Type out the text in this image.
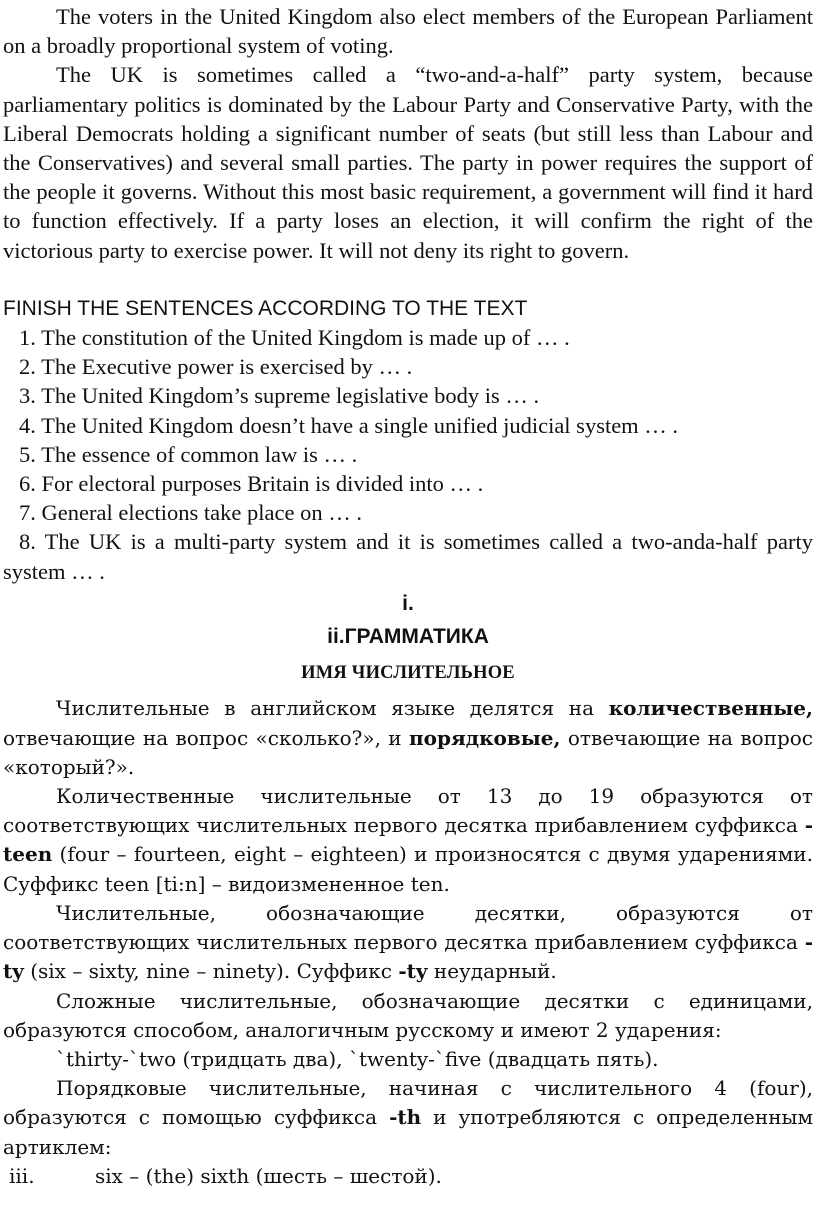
The voters in the United Kingdom also elect members of the European Parliament on a broadly proportional system of voting.

The UK is sometimes called a “two-and-a-half” party system, because parliamentary politics is dominated by the Labour Party and Conservative Party, with the Liberal Democrats holding a significant number of seats (but still less than Labour and the Conservatives) and several small parties. The party in power requires the support of the people it governs. Without this most basic requirement, a government will find it hard to function effectively. If a party loses an election, it will confirm the right of the victorious party to exercise power. It will not deny its right to govern.

FINISH THE SENTENCES ACCORDING TO THE TEXT

1. The constitution of the United Kingdom is made up of … .

2. The Executive power is exercised by … .

3. The United Kingdom’s supreme legislative body is … .

4. The United Kingdom doesn’t have a single unified judicial system … .

5. The essence of common law is … .

6. For electoral purposes Britain is divided into … .

7. General elections take place on … .

8. The UK is a multi-party system and it is sometimes called a two-anda-half party system … .

i.

ii.ГРАММАТИКА

ИМЯ ЧИСЛИТЕЛЬНОЕ

Числительные в английском языке делятся на количественные, отвечающие на вопрос «сколько?», и порядковые, отвечающие на вопрос «который?».

Количественные числительные от 13 до 19 образуются от соответствующих числительных первого десятка прибавлением суффикса -teen (four – fourteen, eight – eighteen) и произносятся с двумя ударениями. Суффикс teen [ti:n] – видоизмененное ten.

Числительные, обозначающие десятки, образуются от соответствующих числительных первого десятка прибавлением суффикса -ty (six – sixty, nine – ninety). Суффикс -ty неударный.

Сложные числительные, обозначающие десятки с единицами, образуются способом, аналогичным русскому и имеют 2 ударения:

`thirty-`two (тридцать два), `twenty-`five (двадцать пять).

Порядковые числительные, начиная с числительного 4 (four), образуются с помощью суффикса -th и употребляются с определенным артиклем:

iii.	six – (the) sixth (шесть – шестой).
